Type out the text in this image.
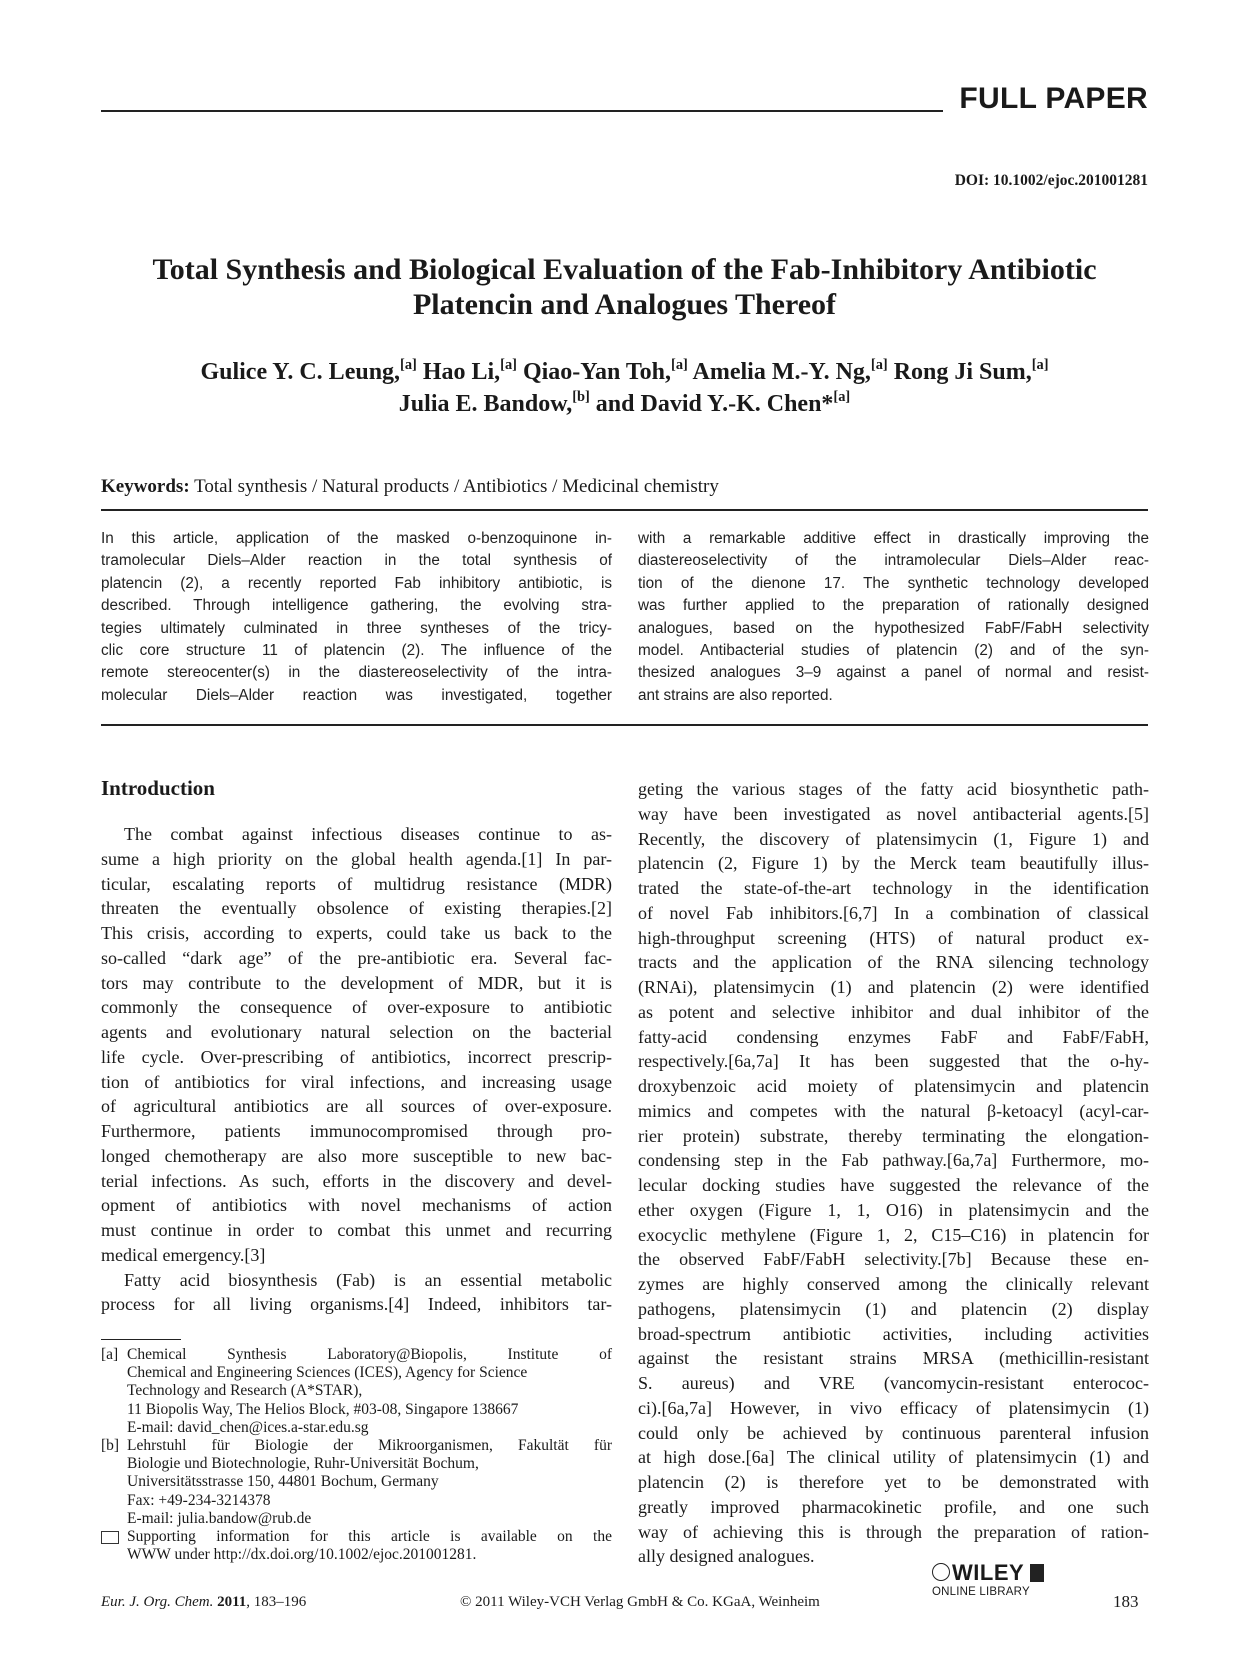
FULL PAPER
DOI: 10.1002/ejoc.201001281
Total Synthesis and Biological Evaluation of the Fab-Inhibitory Antibiotic
Platencin and Analogues Thereof
Gulice Y. C. Leung,[a] Hao Li,[a] Qiao-Yan Toh,[a] Amelia M.-Y. Ng,[a] Rong Ji Sum,[a]
Julia E. Bandow,[b] and David Y.-K. Chen*[a]
Keywords: Total synthesis / Natural products / Antibiotics / Medicinal chemistry
In this article, application of the masked o-benzoquinone in-
tramolecular Diels–Alder reaction in the total synthesis of
platencin (2), a recently reported Fab inhibitory antibiotic, is
described. Through intelligence gathering, the evolving stra-
tegies ultimately culminated in three syntheses of the tricy-
clic core structure 11 of platencin (2). The influence of the
remote stereocenter(s) in the diastereoselectivity of the intra-
molecular Diels–Alder reaction was investigated, together
with a remarkable additive effect in drastically improving the
diastereoselectivity of the intramolecular Diels–Alder reac-
tion of the dienone 17. The synthetic technology developed
was further applied to the preparation of rationally designed
analogues, based on the hypothesized FabF/FabH selectivity
model. Antibacterial studies of platencin (2) and of the syn-
thesized analogues 3–9 against a panel of normal and resist-
ant strains are also reported.
Introduction
The combat against infectious diseases continue to as-
sume a high priority on the global health agenda.[1] In par-
ticular, escalating reports of multidrug resistance (MDR)
threaten the eventually obsolence of existing therapies.[2]
This crisis, according to experts, could take us back to the
so-called “dark age” of the pre-antibiotic era. Several fac-
tors may contribute to the development of MDR, but it is
commonly the consequence of over-exposure to antibiotic
agents and evolutionary natural selection on the bacterial
life cycle. Over-prescribing of antibiotics, incorrect prescrip-
tion of antibiotics for viral infections, and increasing usage
of agricultural antibiotics are all sources of over-exposure.
Furthermore, patients immunocompromised through pro-
longed chemotherapy are also more susceptible to new bac-
terial infections. As such, efforts in the discovery and devel-
opment of antibiotics with novel mechanisms of action
must continue in order to combat this unmet and recurring
medical emergency.[3]
Fatty acid biosynthesis (Fab) is an essential metabolic
process for all living organisms.[4] Indeed, inhibitors tar-
geting the various stages of the fatty acid biosynthetic path-
way have been investigated as novel antibacterial agents.[5]
Recently, the discovery of platensimycin (1, Figure 1) and
platencin (2, Figure 1) by the Merck team beautifully illus-
trated the state-of-the-art technology in the identification
of novel Fab inhibitors.[6,7] In a combination of classical
high-throughput screening (HTS) of natural product ex-
tracts and the application of the RNA silencing technology
(RNAi), platensimycin (1) and platencin (2) were identified
as potent and selective inhibitor and dual inhibitor of the
fatty-acid condensing enzymes FabF and FabF/FabH,
respectively.[6a,7a] It has been suggested that the o-hy-
droxybenzoic acid moiety of platensimycin and platencin
mimics and competes with the natural β-ketoacyl (acyl-car-
rier protein) substrate, thereby terminating the elongation-
condensing step in the Fab pathway.[6a,7a] Furthermore, mo-
lecular docking studies have suggested the relevance of the
ether oxygen (Figure 1, 1, O16) in platensimycin and the
exocyclic methylene (Figure 1, 2, C15–C16) in platencin for
the observed FabF/FabH selectivity.[7b] Because these en-
zymes are highly conserved among the clinically relevant
pathogens, platensimycin (1) and platencin (2) display
broad-spectrum antibiotic activities, including activities
against the resistant strains MRSA (methicillin-resistant
S. aureus) and VRE (vancomycin-resistant enterococ-
ci).[6a,7a] However, in vivo efficacy of platensimycin (1)
could only be achieved by continuous parenteral infusion
at high dose.[6a] The clinical utility of platensimycin (1) and
platencin (2) is therefore yet to be demonstrated with
greatly improved pharmacokinetic profile, and one such
way of achieving this is through the preparation of ration-
ally designed analogues.
[a] Chemical Synthesis Laboratory@Biopolis, Institute of
Chemical and Engineering Sciences (ICES), Agency for Science
Technology and Research (A*STAR),
11 Biopolis Way, The Helios Block, #03-08, Singapore 138667
E-mail: david_chen@ices.a-star.edu.sg
[b] Lehrstuhl für Biologie der Mikroorganismen, Fakultät für
Biologie und Biotechnologie, Ruhr-Universität Bochum,
Universitätsstrasse 150, 44801 Bochum, Germany
Fax: +49-234-3214378
E-mail: julia.bandow@rub.de
Supporting information for this article is available on the
WWW under http://dx.doi.org/10.1002/ejoc.201001281.
Eur. J. Org. Chem. 2011, 183–196	© 2011 Wiley-VCH Verlag GmbH & Co. KGaA, Weinheim
WILEY
ONLINE LIBRARY	183
